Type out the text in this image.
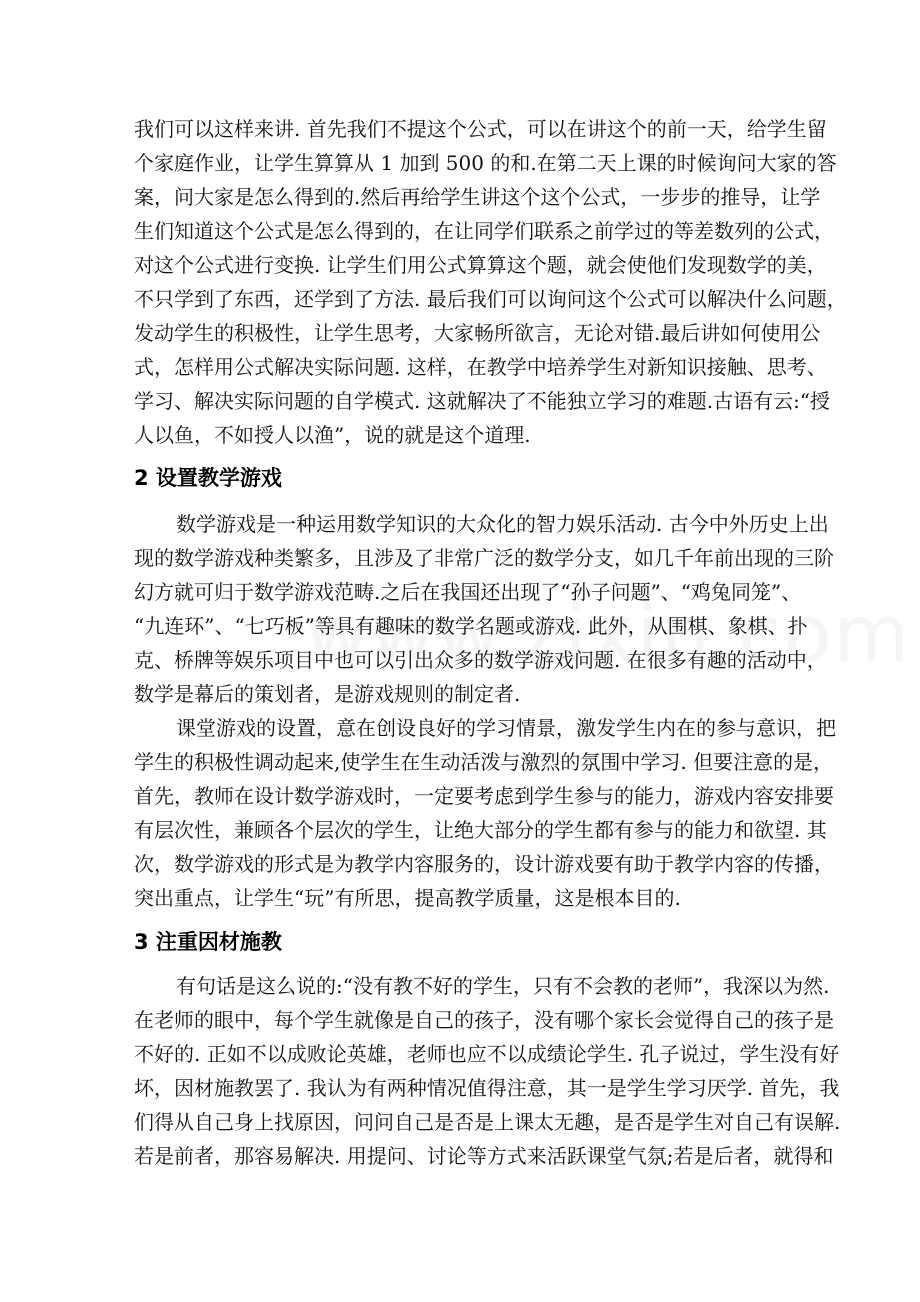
我们可以这样来讲. 首先我们不提这个公式，可以在讲这个的前一天，给学生留
个家庭作业，让学生算算从 1 加到 500 的和.在第二天上课的时候询问大家的答
案，问大家是怎么得到的.然后再给学生讲这个这个公式，一步步的推导，让学
生们知道这个公式是怎么得到的，在让同学们联系之前学过的等差数列的公式，
对这个公式进行变换. 让学生们用公式算算这个题，就会使他们发现数学的美，
不只学到了东西，还学到了方法. 最后我们可以询问这个公式可以解决什么问题，
发动学生的积极性，让学生思考，大家畅所欲言，无论对错.最后讲如何使用公
式，怎样用公式解决实际问题. 这样，在教学中培养学生对新知识接触、思考、
学习、解决实际问题的自学模式. 这就解决了不能独立学习的难题.古语有云:“授
人以鱼，不如授人以渔”，说的就是这个道理.
2 设置教学游戏
数学游戏是一种运用数学知识的大众化的智力娱乐活动. 古今中外历史上出
现的数学游戏种类繁多，且涉及了非常广泛的数学分支，如几千年前出现的三阶
幻方就可归于数学游戏范畴.之后在我国还出现了“孙子问题”、“鸡兔同笼”、
“九连环”、“七巧板”等具有趣味的数学名题或游戏. 此外，从围棋、象棋、扑
克、桥牌等娱乐项目中也可以引出众多的数学游戏问题. 在很多有趣的活动中，
数学是幕后的策划者，是游戏规则的制定者.
课堂游戏的设置，意在创设良好的学习情景，激发学生内在的参与意识，把
学生的积极性调动起来,使学生在生动活泼与激烈的氛围中学习. 但要注意的是，
首先，教师在设计数学游戏时，一定要考虑到学生参与的能力，游戏内容安排要
有层次性，兼顾各个层次的学生，让绝大部分的学生都有参与的能力和欲望. 其
次，数学游戏的形式是为教学内容服务的，设计游戏要有助于教学内容的传播，
突出重点，让学生“玩”有所思，提高教学质量，这是根本目的.
3 注重因材施教
有句话是这么说的:“没有教不好的学生，只有不会教的老师”，我深以为然.
在老师的眼中，每个学生就像是自己的孩子，没有哪个家长会觉得自己的孩子是
不好的. 正如不以成败论英雄，老师也应不以成绩论学生. 孔子说过，学生没有好
坏，因材施教罢了. 我认为有两种情况值得注意，其一是学生学习厌学. 首先，我
们得从自己身上找原因，问问自己是否是上课太无趣，是否是学生对自己有误解.
若是前者，那容易解决. 用提问、讨论等方式来活跃课堂气氛;若是后者，就得和
